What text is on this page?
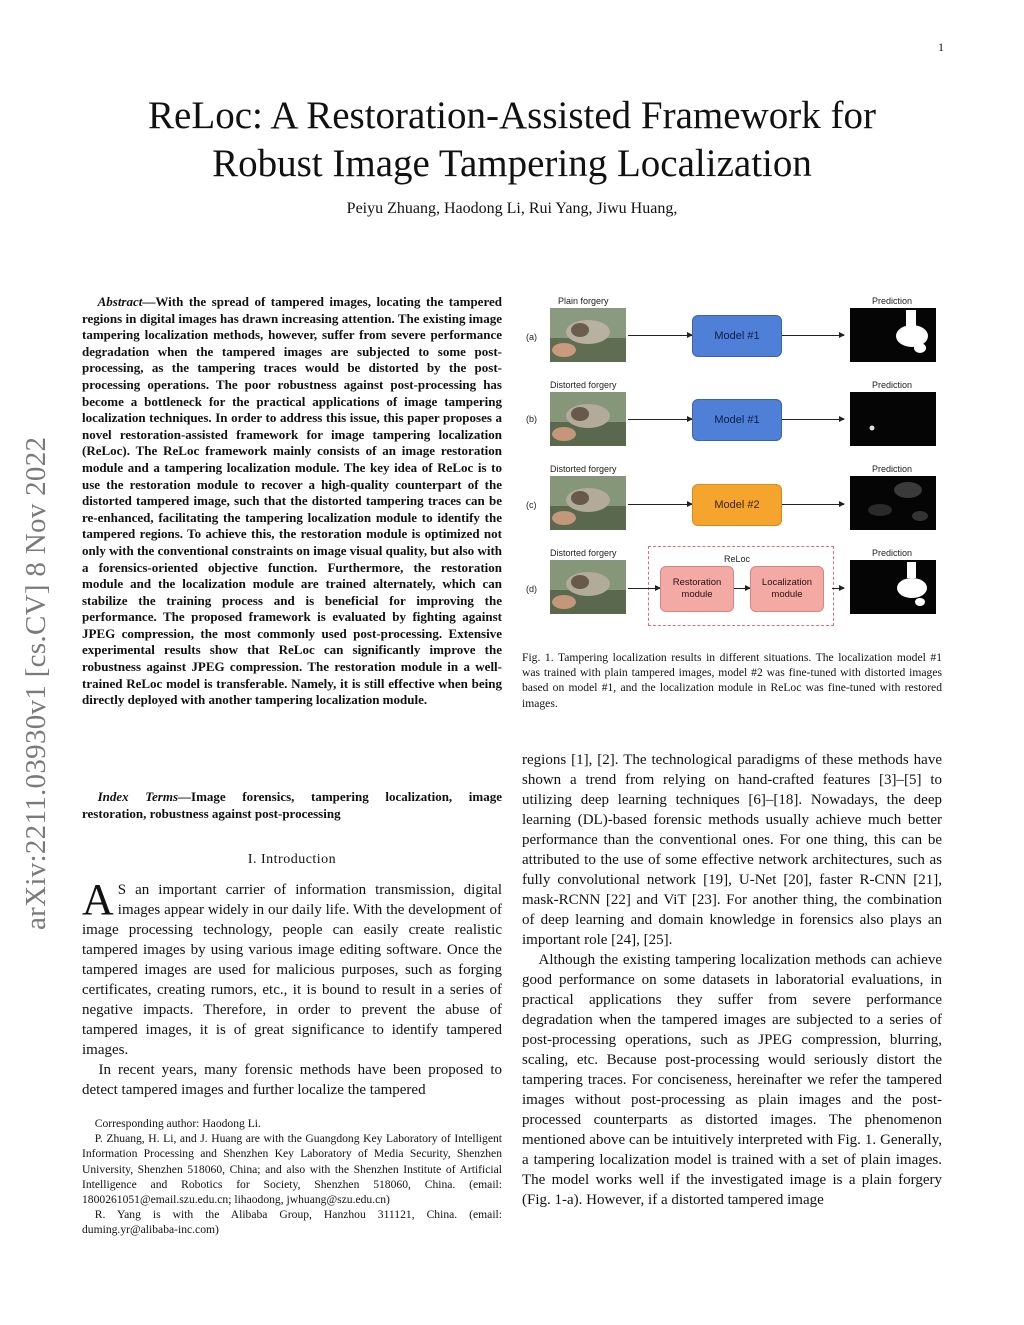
1
ReLoc: A Restoration-Assisted Framework for
Robust Image Tampering Localization
Peiyu Zhuang, Haodong Li, Rui Yang, Jiwu Huang,
arXiv:2211.03930v1 [cs.CV] 8 Nov 2022
Abstract—With the spread of tampered images, locating the tampered regions in digital images has drawn increasing attention. The existing image tampering localization methods, however, suffer from severe performance degradation when the tampered images are subjected to some post-processing, as the tampering traces would be distorted by the post-processing operations. The poor robustness against post-processing has become a bottleneck for the practical applications of image tampering localization techniques. In order to address this issue, this paper proposes a novel restoration-assisted framework for image tampering localization (ReLoc). The ReLoc framework mainly consists of an image restoration module and a tampering localization module. The key idea of ReLoc is to use the restoration module to recover a high-quality counterpart of the distorted tampered image, such that the distorted tampering traces can be re-enhanced, facilitating the tampering localization module to identify the tampered regions. To achieve this, the restoration module is optimized not only with the conventional constraints on image visual quality, but also with a forensics-oriented objective function. Furthermore, the restoration module and the localization module are trained alternately, which can stabilize the training process and is beneficial for improving the performance. The proposed framework is evaluated by fighting against JPEG compression, the most commonly used post-processing. Extensive experimental results show that ReLoc can significantly improve the robustness against JPEG compression. The restoration module in a well-trained ReLoc model is transferable. Namely, it is still effective when being directly deployed with another tampering localization module.
Index Terms—Image forensics, tampering localization, image restoration, robustness against post-processing
I. Introduction

A S an important carrier of information transmission, digital images appear widely in our daily life. With the development of image processing technology, people can easily create realistic tampered images by using various image editing software. Once the tampered images are used for malicious purposes, such as forging certificates, creating rumors, etc., it is bound to result in a series of negative impacts. Therefore, in order to prevent the abuse of tampered images, it is of great significance to identify tampered images.

In recent years, many forensic methods have been proposed to detect tampered images and further localize the tampered

Corresponding author: Haodong Li.

P. Zhuang, H. Li, and J. Huang are with the Guangdong Key Laboratory of Intelligent Information Processing and Shenzhen Key Laboratory of Media Security, Shenzhen University, Shenzhen 518060, China; and also with the Shenzhen Institute of Artificial Intelligence and Robotics for Society, Shenzhen 518060, China. (email: 1800261051@email.szu.edu.cn; lihaodong, jwhuang@szu.edu.cn)

R. Yang is with the Alibaba Group, Hanzhou 311121, China. (email: duming.yr@alibaba-inc.com)

Plain forgery	Prediction
(a)	Model #1
Distorted forgery	Prediction
(b)	Model #1
Distorted forgery	Prediction
(c)	Model #2
Distorted forgery	Prediction
(d)
ReLoc
Restoration module
Localization module
Fig. 1. Tampering localization results in different situations. The localization model #1 was trained with plain tampered images, model #2 was fine-tuned with distorted images based on model #1, and the localization module in ReLoc was fine-tuned with restored images.

regions [1], [2]. The technological paradigms of these methods have shown a trend from relying on hand-crafted features [3]–[5] to utilizing deep learning techniques [6]–[18]. Nowadays, the deep learning (DL)-based forensic methods usually achieve much better performance than the conventional ones. For one thing, this can be attributed to the use of some effective network architectures, such as fully convolutional network [19], U-Net [20], faster R-CNN [21], mask-RCNN [22] and ViT [23]. For another thing, the combination of deep learning and domain knowledge in forensics also plays an important role [24], [25].

Although the existing tampering localization methods can achieve good performance on some datasets in laboratorial evaluations, in practical applications they suffer from severe performance degradation when the tampered images are subjected to a series of post-processing operations, such as JPEG compression, blurring, scaling, etc. Because post-processing would seriously distort the tampering traces. For conciseness, hereinafter we refer the tampered images without post-processing as plain images and the post-processed counterparts as distorted images. The phenomenon mentioned above can be intuitively interpreted with Fig. 1. Generally, a tampering localization model is trained with a set of plain images. The model works well if the investigated image is a plain forgery (Fig. 1-a). However, if a distorted tampered image
